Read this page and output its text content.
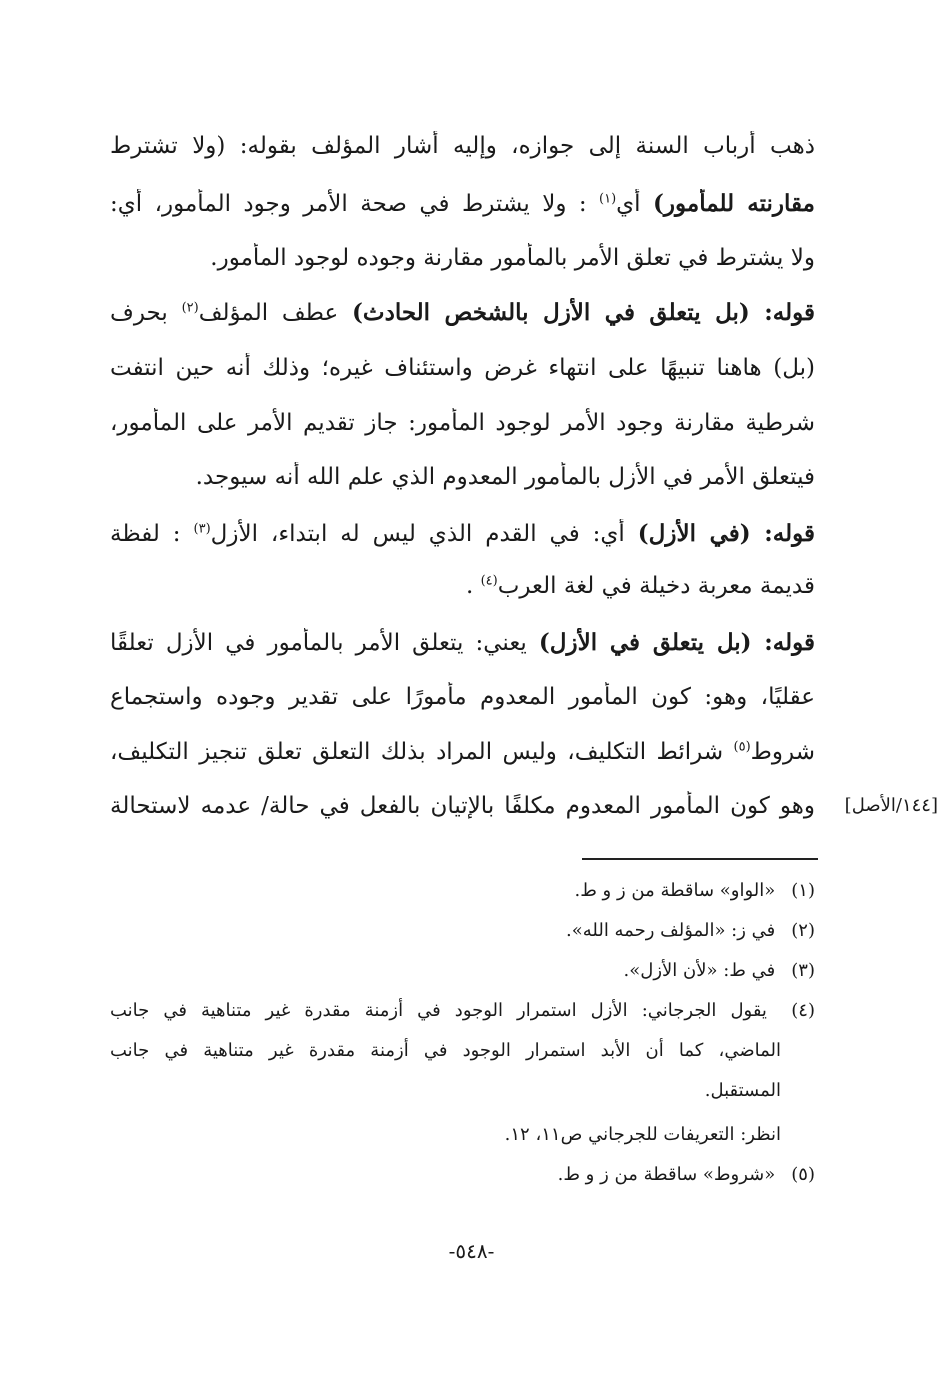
ذهب أرباب السنة إلى جوازه، وإليه أشار المؤلف بقوله: (ولا تشترط
مقارنته للمأمور) أي$^{(١)}$ : ولا يشترط في صحة الأمر وجود المأمور، أي:
ولا يشترط في تعلق الأمر بالمأمور مقارنة وجوده لوجود المأمور.
قوله: (بل يتعلق في الأزل بالشخص الحادث) عطف المؤلف$^{(٢)}$ بحرف
(بل) هاهنا تنبيهًا على انتهاء غرض واستئناف غيره؛ وذلك أنه حين انتفت
شرطية مقارنة وجود الأمر لوجود المأمور: جاز تقديم الأمر على المأمور،
فيتعلق الأمر في الأزل بالمأمور المعدوم الذي علم الله أنه سيوجد.
قوله: (في الأزل) أي: في القدم الذي ليس له ابتداء، الأزل$^{(٣)}$ : لفظة
قديمة معربة دخيلة في لغة العرب$^{(٤)}$ .
قوله: (بل يتعلق في الأزل) يعني: يتعلق الأمر بالمأمور في الأزل تعلقًا
عقليًا، وهو: كون المأمور المعدوم مأمورًا على تقدير وجوده واستجماع
شروط$^{(٥)}$ شرائط التكليف، وليس المراد بذلك التعلق تعلق تنجيز التكليف،
وهو كون المأمور المعدوم مكلفًا بالإتيان بالفعل في حالة/ عدمه لاستحالة	[١٤٤/الأصل]
(١) «الواو» ساقطة من ز و ط.
(٢) في ز: «المؤلف رحمه الله».
(٣) في ط: «لأن الأزل».
(٤) يقول الجرجاني: الأزل استمرار الوجود في أزمنة مقدرة غير متناهية في جانب
الماضي، كما أن الأبد استمرار الوجود في أزمنة مقدرة غير متناهية في جانب
المستقبل.
انظر: التعريفات للجرجاني ص١١، ١٢.
(٥) «شروط» ساقطة من ز و ط.
-٥٤٨-
